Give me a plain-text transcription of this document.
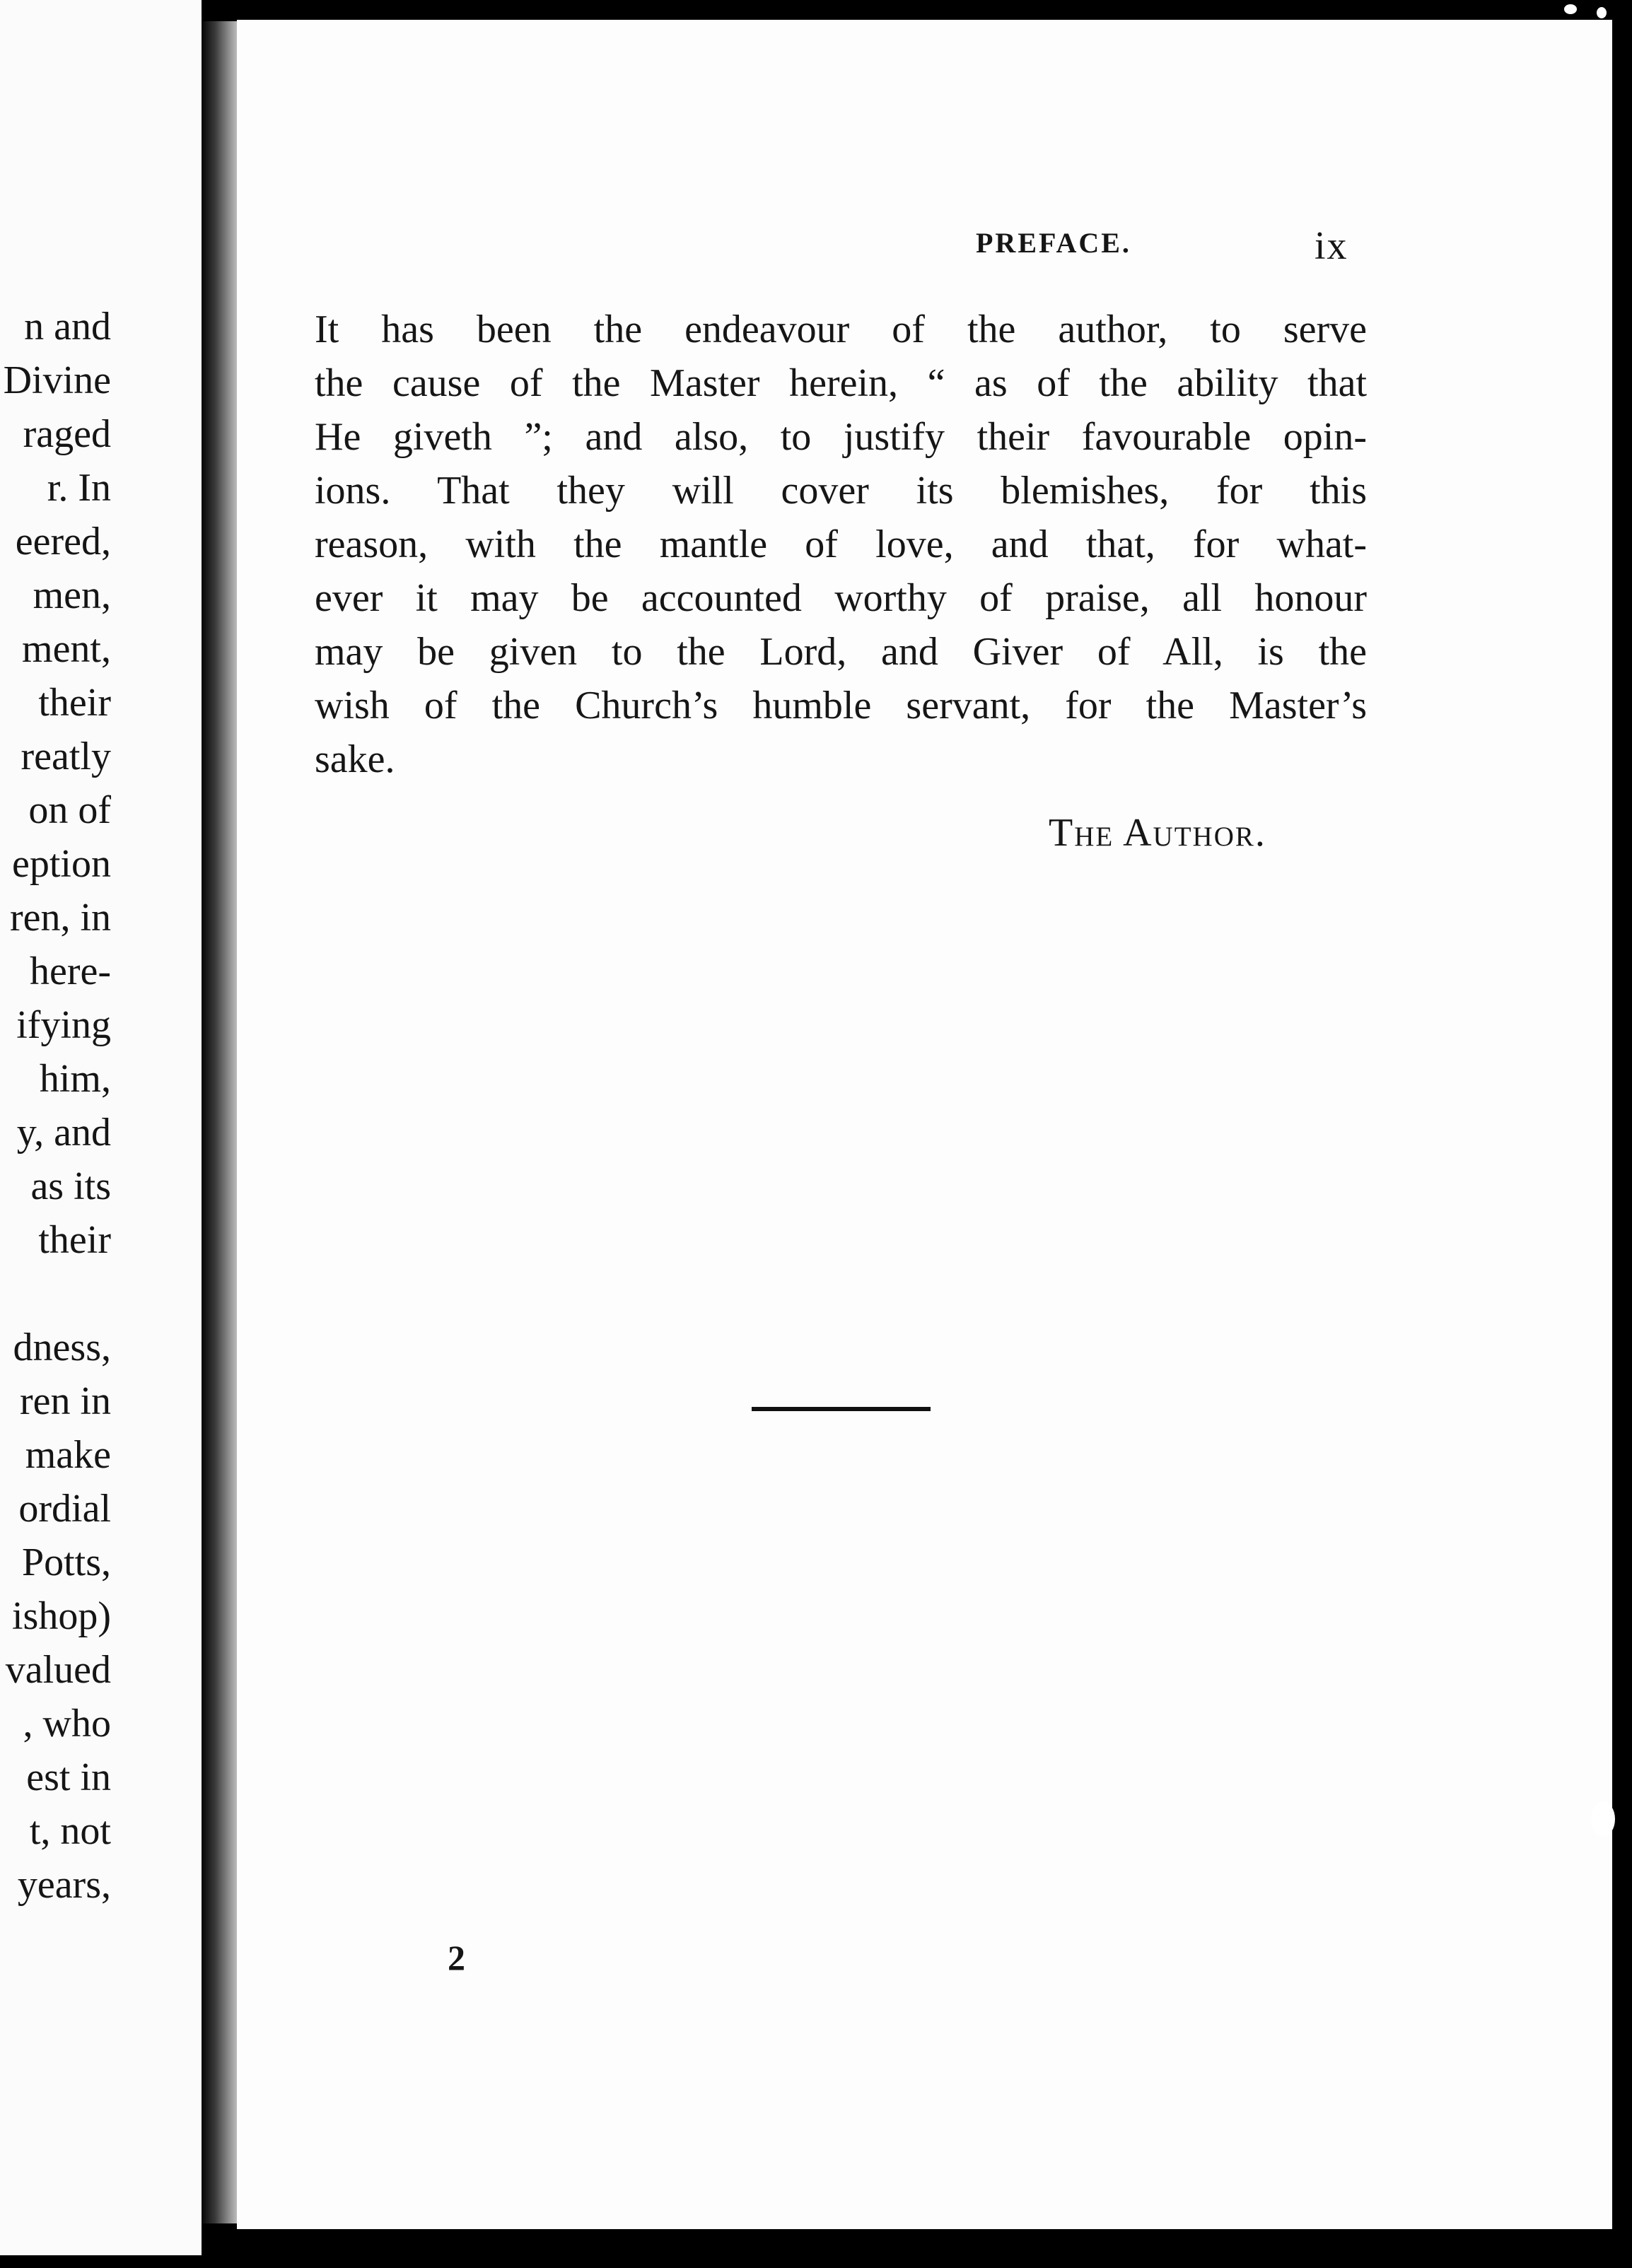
n and
Divine
raged
r. In
eered,
men,
ment,
their
reatly
on of
eption
ren, in
here-
ifying
him,
y, and
as its
their
dness,
ren in
make
ordial
Potts,
ishop)
valued
, who
est in
t, not
years,
PREFACE.	ix
It has been the endeavour of the author, to serve
the cause of the Master herein, “ as of the ability that
He giveth ”; and also, to justify their favourable opin-
ions. That they will cover its blemishes, for this
reason, with the mantle of love, and that, for what-
ever it may be accounted worthy of praise, all honour
may be given to the Lord, and Giver of All, is the
wish of the Church’s humble servant, for the Master’s
sake.
The Author.
2
